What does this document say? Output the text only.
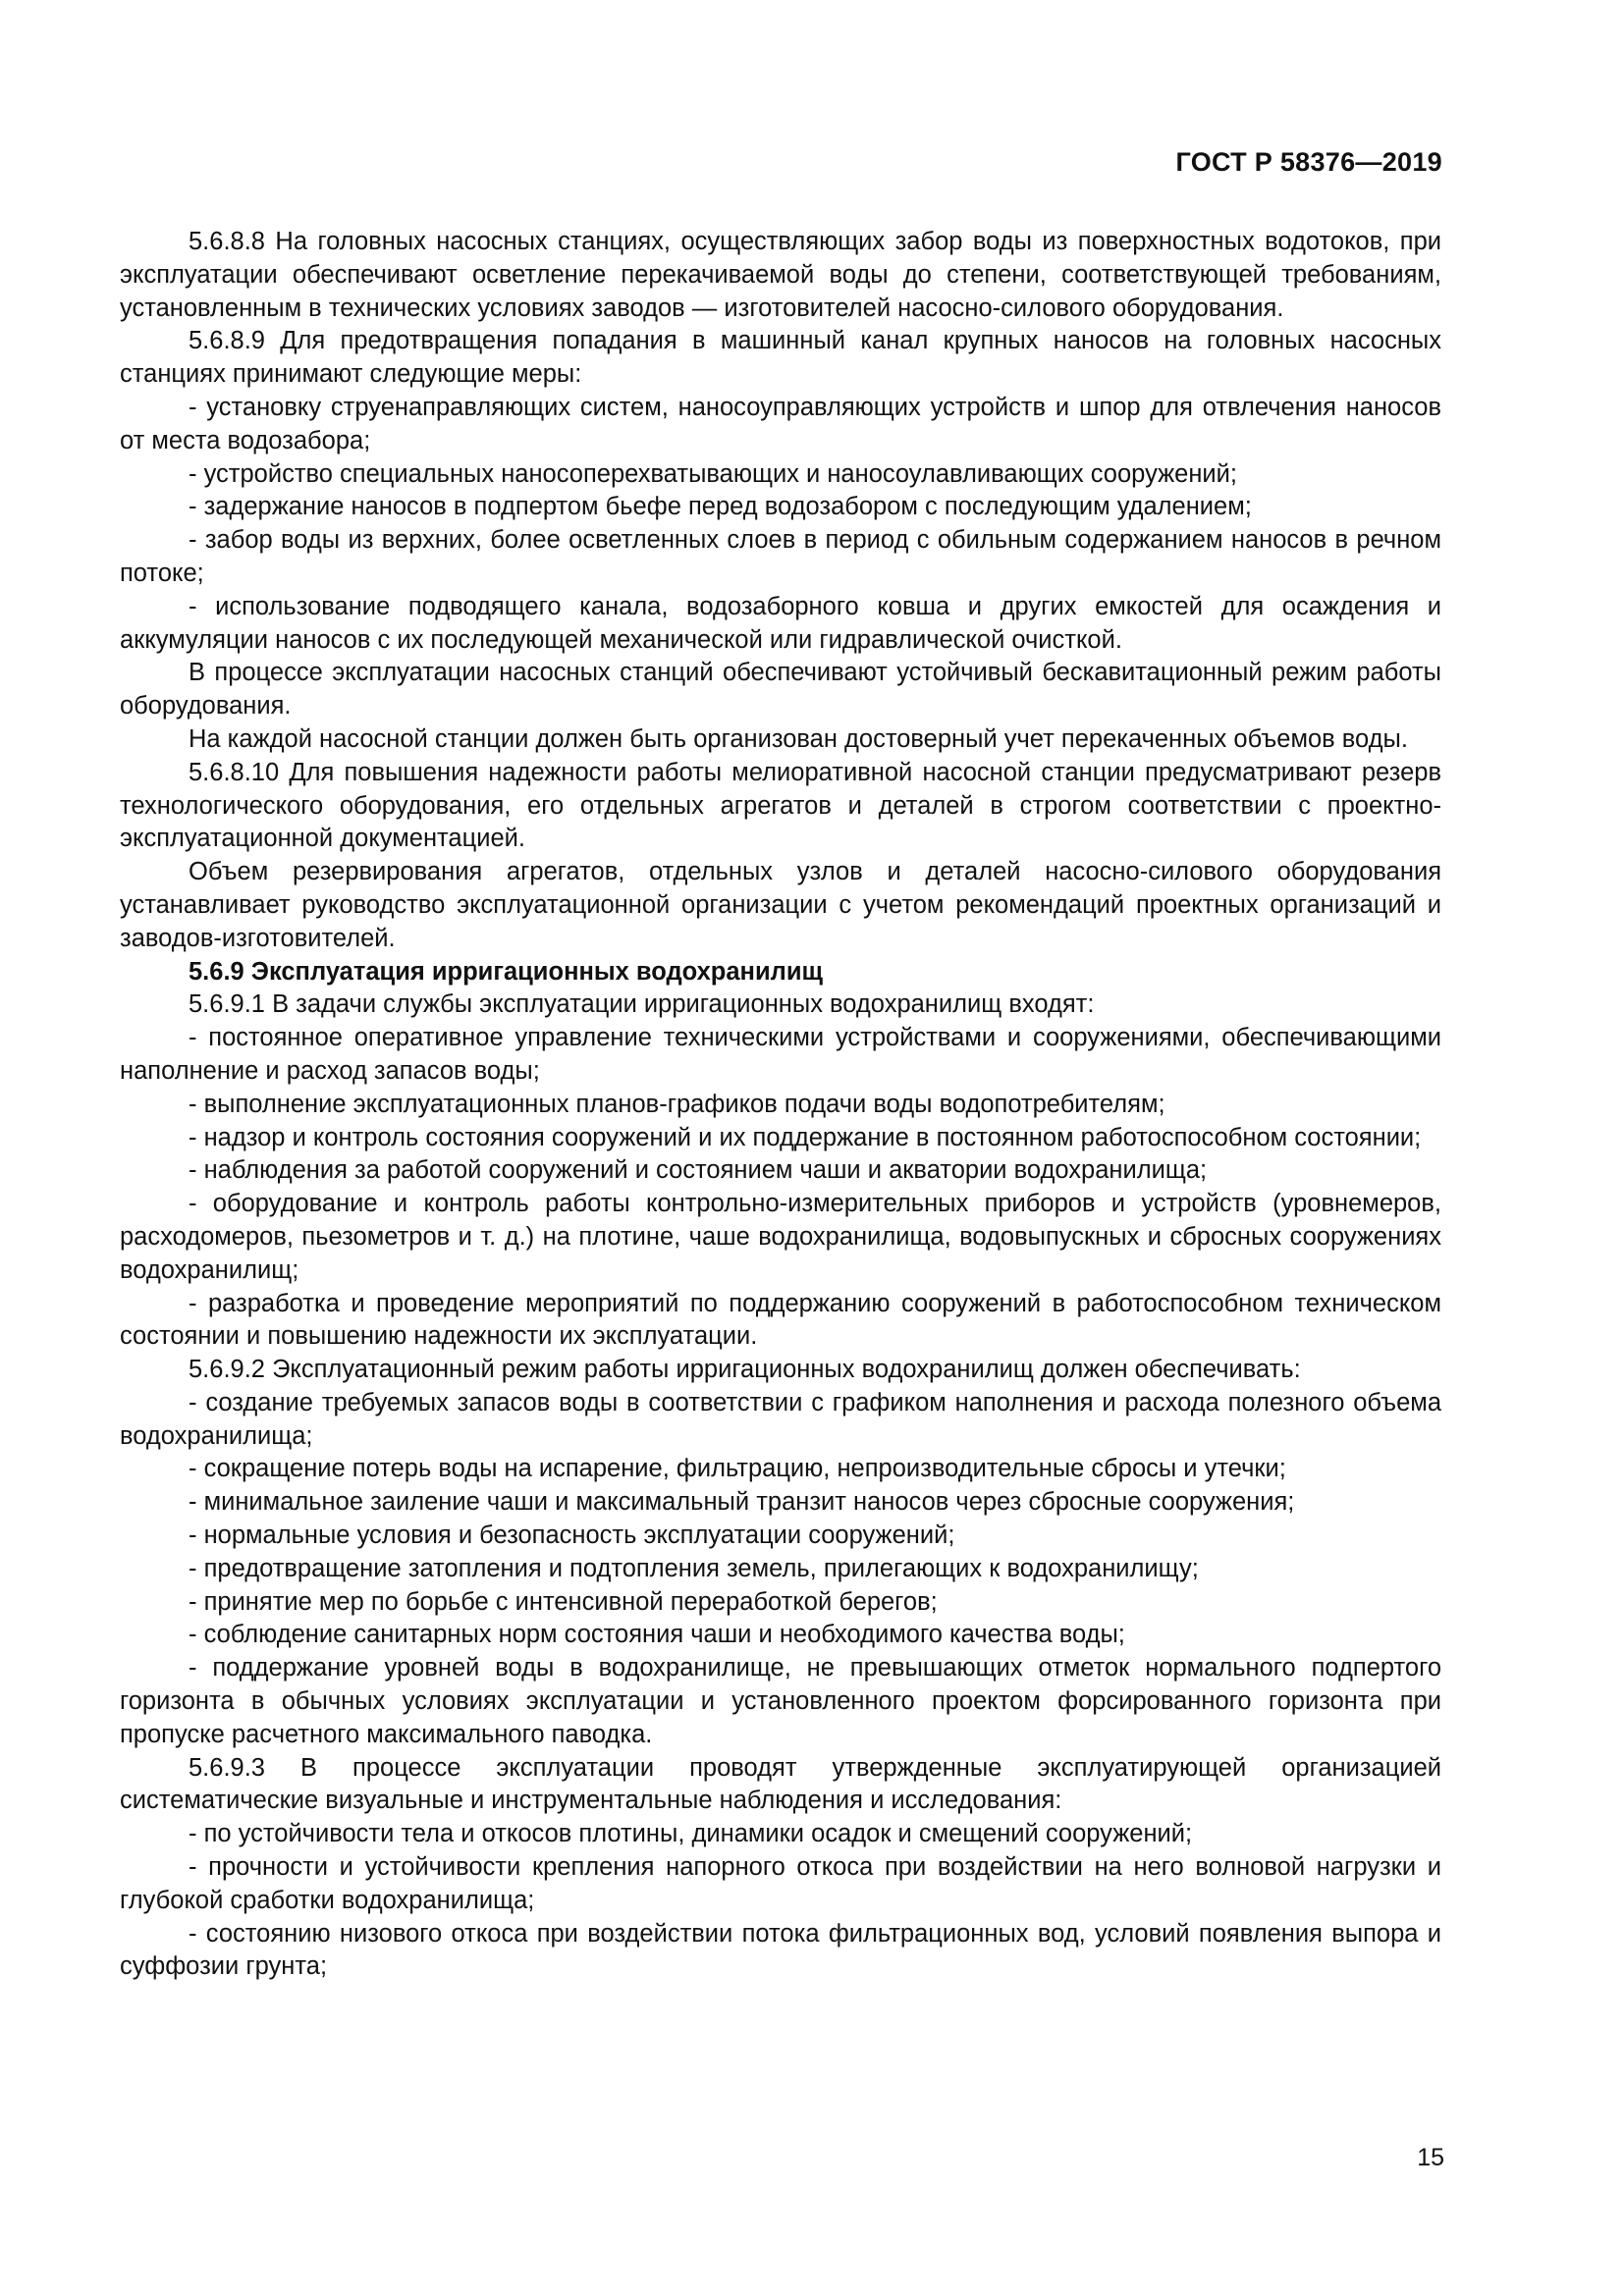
ГОСТ Р 58376—2019

5.6.8.8 На головных насосных станциях, осуществляющих забор воды из поверхностных водотоков, при эксплуатации обеспечивают осветление перекачиваемой воды до степени, соответствующей требованиям, установленным в технических условиях заводов — изготовителей насосно-силового оборудования.

5.6.8.9 Для предотвращения попадания в машинный канал крупных наносов на головных насосных станциях принимают следующие меры:

- установку струенаправляющих систем, наносоуправляющих устройств и шпор для отвлечения наносов от места водозабора;

- устройство специальных наносоперехватывающих и наносоулавливающих сооружений;

- задержание наносов в подпертом бьефе перед водозабором с последующим удалением;

- забор воды из верхних, более осветленных слоев в период с обильным содержанием наносов в речном потоке;

- использование подводящего канала, водозаборного ковша и других емкостей для осаждения и аккумуляции наносов с их последующей механической или гидравлической очисткой.

В процессе эксплуатации насосных станций обеспечивают устойчивый бескавитационный режим работы оборудования.

На каждой насосной станции должен быть организован достоверный учет перекаченных объемов воды.

5.6.8.10 Для повышения надежности работы мелиоративной насосной станции предусматривают резерв технологического оборудования, его отдельных агрегатов и деталей в строгом соответствии с проектно-эксплуатационной документацией.

Объем резервирования агрегатов, отдельных узлов и деталей насосно-силового оборудования устанавливает руководство эксплуатационной организации с учетом рекомендаций проектных организаций и заводов-изготовителей.

5.6.9 Эксплуатация ирригационных водохранилищ

5.6.9.1 В задачи службы эксплуатации ирригационных водохранилищ входят:

- постоянное оперативное управление техническими устройствами и сооружениями, обеспечивающими наполнение и расход запасов воды;

- выполнение эксплуатационных планов-графиков подачи воды водопотребителям;

- надзор и контроль состояния сооружений и их поддержание в постоянном работоспособном состоянии;

- наблюдения за работой сооружений и состоянием чаши и акватории водохранилища;

- оборудование и контроль работы контрольно-измерительных приборов и устройств (уровнемеров, расходомеров, пьезометров и т. д.) на плотине, чаше водохранилища, водовыпускных и сбросных сооружениях водохранилищ;

- разработка и проведение мероприятий по поддержанию сооружений в работоспособном техническом состоянии и повышению надежности их эксплуатации.

5.6.9.2 Эксплуатационный режим работы ирригационных водохранилищ должен обеспечивать:

- создание требуемых запасов воды в соответствии с графиком наполнения и расхода полезного объема водохранилища;

- сокращение потерь воды на испарение, фильтрацию, непроизводительные сбросы и утечки;

- минимальное заиление чаши и максимальный транзит наносов через сбросные сооружения;

- нормальные условия и безопасность эксплуатации сооружений;

- предотвращение затопления и подтопления земель, прилегающих к водохранилищу;

- принятие мер по борьбе с интенсивной переработкой берегов;

- соблюдение санитарных норм состояния чаши и необходимого качества воды;

- поддержание уровней воды в водохранилище, не превышающих отметок нормального подпертого горизонта в обычных условиях эксплуатации и установленного проектом форсированного горизонта при пропуске расчетного максимального паводка.

5.6.9.3 В процессе эксплуатации проводят утвержденные эксплуатирующей организацией систематические визуальные и инструментальные наблюдения и исследования:

- по устойчивости тела и откосов плотины, динамики осадок и смещений сооружений;

- прочности и устойчивости крепления напорного откоса при воздействии на него волновой нагрузки и глубокой сработки водохранилища;

- состоянию низового откоса при воздействии потока фильтрационных вод, условий появления выпора и суффозии грунта;

15
